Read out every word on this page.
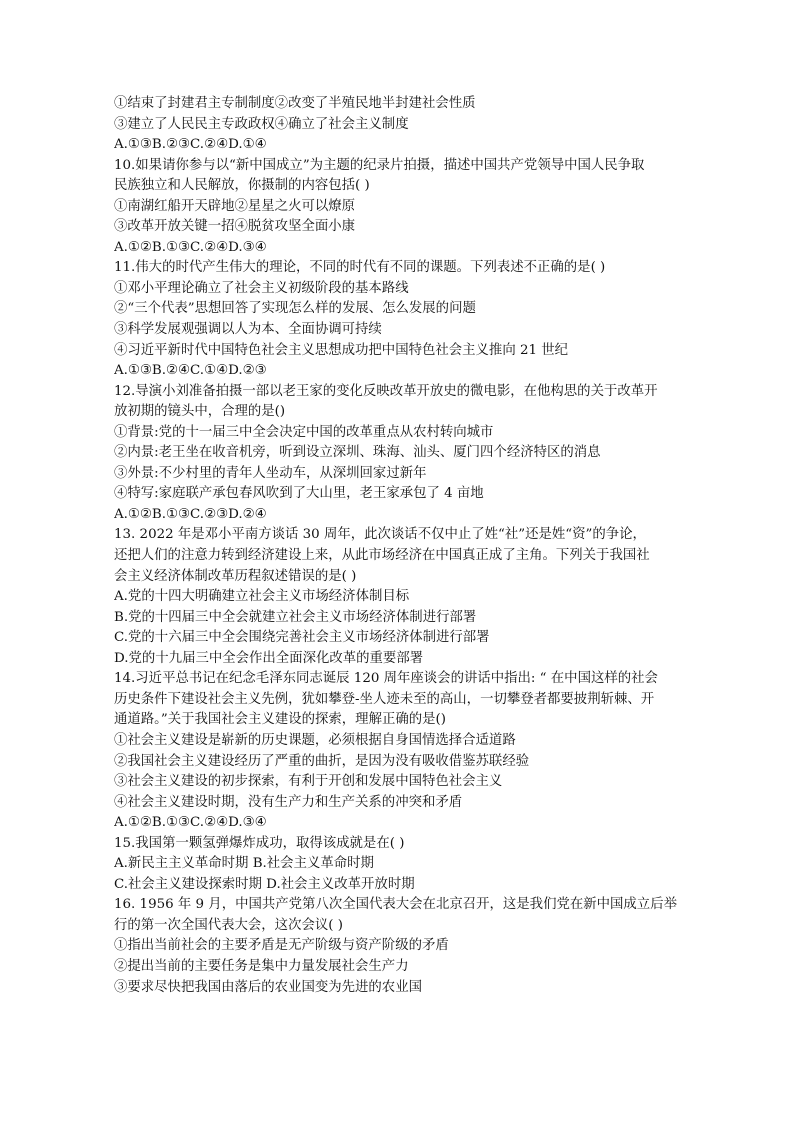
①结束了封建君主专制制度②改变了半殖民地半封建社会性质
③建立了人民民主专政政权④确立了社会主义制度
A.①③B.②③C.②④D.①④
10.如果请你参与以“新中国成立”为主题的纪录片拍摄，描述中国共产党领导中国人民争取
民族独立和人民解放，你摄制的内容包括( )
①南湖红船开天辟地②星星之火可以燎原
③改革开放关键一招④脱贫攻坚全面小康
A.①②B.①③C.②④D.③④
11.伟大的时代产生伟大的理论，不同的时代有不同的课题。下列表述不正确的是( )
①邓小平理论确立了社会主义初级阶段的基本路线
②“三个代表”思想回答了实现怎么样的发展、怎么发展的问题
③科学发展观强调以人为本、全面协调可持续
④习近平新时代中国特色社会主义思想成功把中国特色社会主义推向 21 世纪
A.①③B.②④C.①④D.②③
12.导演小刘准备拍摄一部以老王家的变化反映改革开放史的微电影，在他构思的关于改革开
放初期的镜头中，合理的是()
①背景:党的十一届三中全会决定中国的改革重点从农村转向城市
②内景:老王坐在收音机旁，听到设立深圳、珠海、汕头、厦门四个经济特区的消息
③外景:不少村里的青年人坐动车，从深圳回家过新年
④特写:家庭联产承包春风吹到了大山里，老王家承包了 4 亩地
A.①②B.①③C.②③D.②④
13. 2022 年是邓小平南方谈话 30 周年，此次谈话不仅中止了姓“社”还是姓“资”的争论，
还把人们的注意力转到经济建设上来，从此市场经济在中国真正成了主角。下列关于我国社
会主义经济体制改革历程叙述错误的是( )
A.党的十四大明确建立社会主义市场经济体制目标
B.党的十四届三中全会就建立社会主义市场经济体制进行部署
C.党的十六届三中全会围绕完善社会主义市场经济体制进行部署
D.党的十九届三中全会作出全面深化改革的重要部署
14.习近平总书记在纪念毛泽东同志诞辰 120 周年座谈会的讲话中指出: “ 在中国这样的社会
历史条件下建设社会主义先例，犹如攀登-坐人迹未至的高山，一切攀登者都要披荆斩棘、开
通道路。”关于我国社会主义建设的探索，理解正确的是()
①社会主义建设是崭新的历史课题，必须根据自身国情选择合适道路
②我国社会主义建设经历了严重的曲折，是因为没有吸收借鉴苏联经验
③社会主义建设的初步探索，有利于开创和发展中国特色社会主义
④社会主义建设时期，没有生产力和生产关系的冲突和矛盾
A.①②B.①③C.②④D.③④
15.我国第一颗氢弹爆炸成功，取得该成就是在( )
A.新民主主义革命时期 B.社会主义革命时期
C.社会主义建设探索时期 D.社会主义改革开放时期
16. 1956 年 9 月，中国共产党第八次全国代表大会在北京召开，这是我们党在新中国成立后举
行的第一次全国代表大会，这次会议( )
①指出当前社会的主要矛盾是无产阶级与资产阶级的矛盾
②提出当前的主要任务是集中力量发展社会生产力
③要求尽快把我国由落后的农业国变为先进的农业国
